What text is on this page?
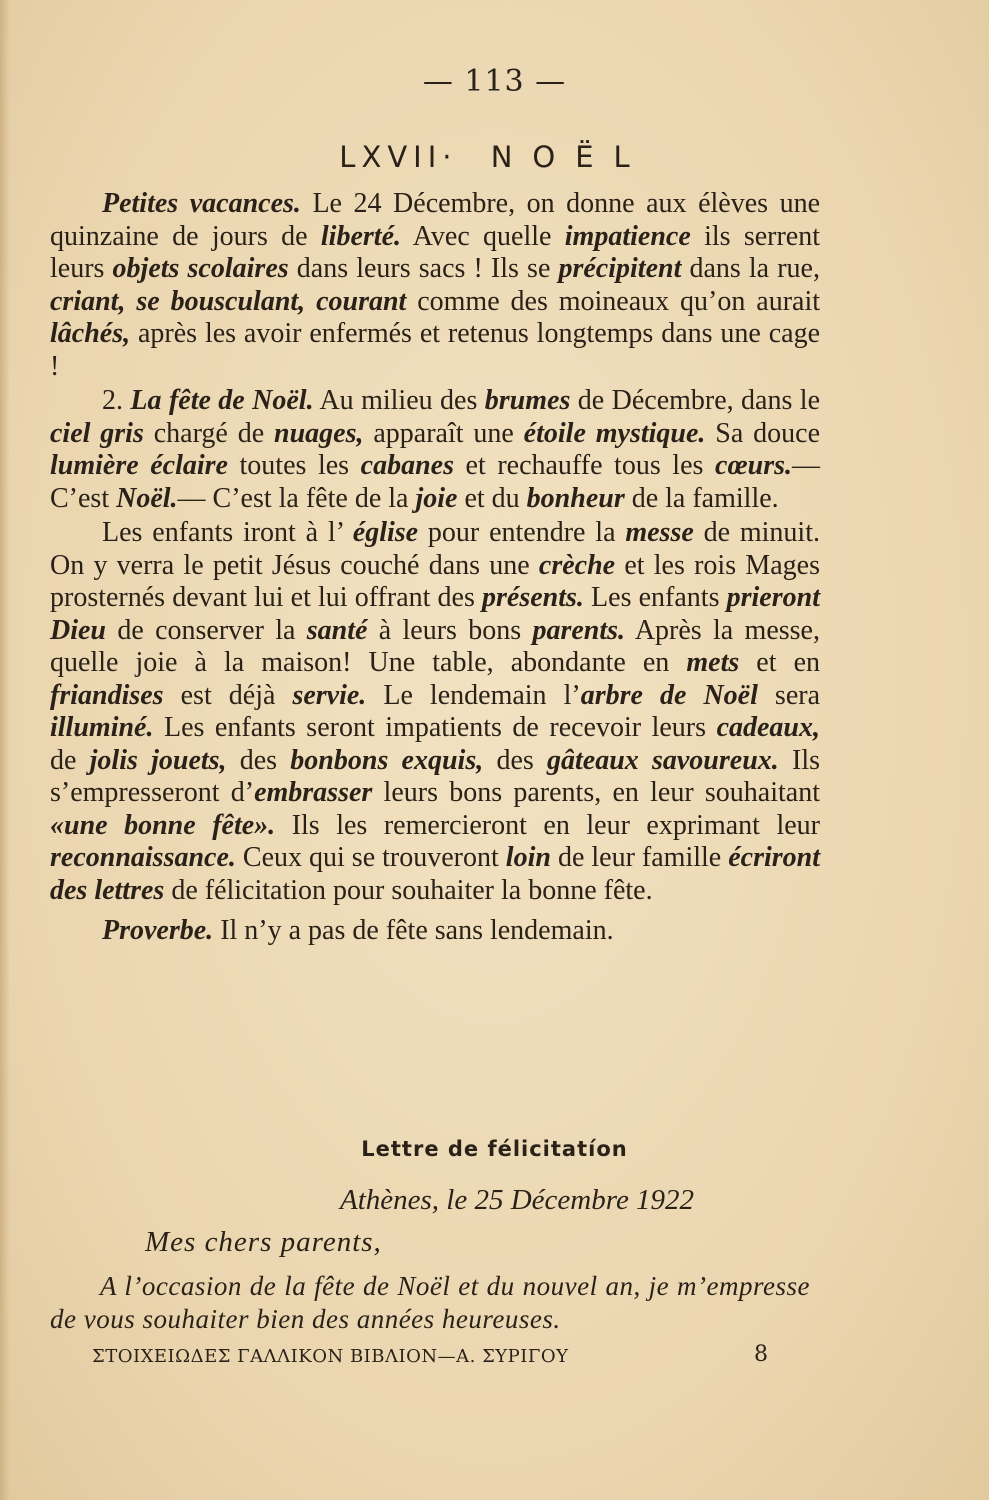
— 113 —
LXVII· NOËL

Petites vacances. Le 24 Décembre, on donne aux élèves une quinzaine de jours de liberté. Avec quelle impatience ils serrent leurs objets scolaires dans leurs sacs ! Ils se précipitent dans la rue, criant, se bousculant, courant comme des moineaux qu’on aurait lâchés, après les avoir enfermés et retenus longtemps dans une cage !

2. La fête de Noël. Au milieu des brumes de Décembre, dans le ciel gris chargé de nuages, apparaît une étoile mystique. Sa douce lumière éclaire toutes les cabanes et rechauffe tous les cœurs.—C’est Noël.— C’est la fête de la joie et du bonheur de la famille.

Les enfants iront à l’ église pour entendre la messe de minuit. On y verra le petit Jésus couché dans une crèche et les rois Mages prosternés devant lui et lui offrant des présents. Les enfants prieront Dieu de conserver la santé à leurs bons parents. Après la messe, quelle joie à la maison! Une table, abondante en mets et en friandises est déjà servie. Le lendemain l’arbre de Noël sera illuminé. Les enfants seront impatients de recevoir leurs cadeaux, de jolis jouets, des bonbons exquis, des gâteaux savoureux. Ils s’empresseront d’embrasser leurs bons parents, en leur souhaitant «une bonne fête». Ils les remercieront en leur exprimant leur reconnaissance. Ceux qui se trouveront loin de leur famille écriront des lettres de félicitation pour souhaiter la bonne fête.

Proverbe. Il n’y a pas de fête sans lendemain.

Lettre de félicitatíon
Athènes, le 25 Décembre 1922
Mes chers parents,
A l’occasion de la fête de Noël et du nouvel an, je m’empresse de vous souhaiter bien des années heureuses.
ΣΤΟΙΧΕΙΩΔΕΣ ΓΑΛΛΙΚΟΝ ΒΙΒΛΙΟΝ—Α. ΣΥΡΙΓΟΥ	8
